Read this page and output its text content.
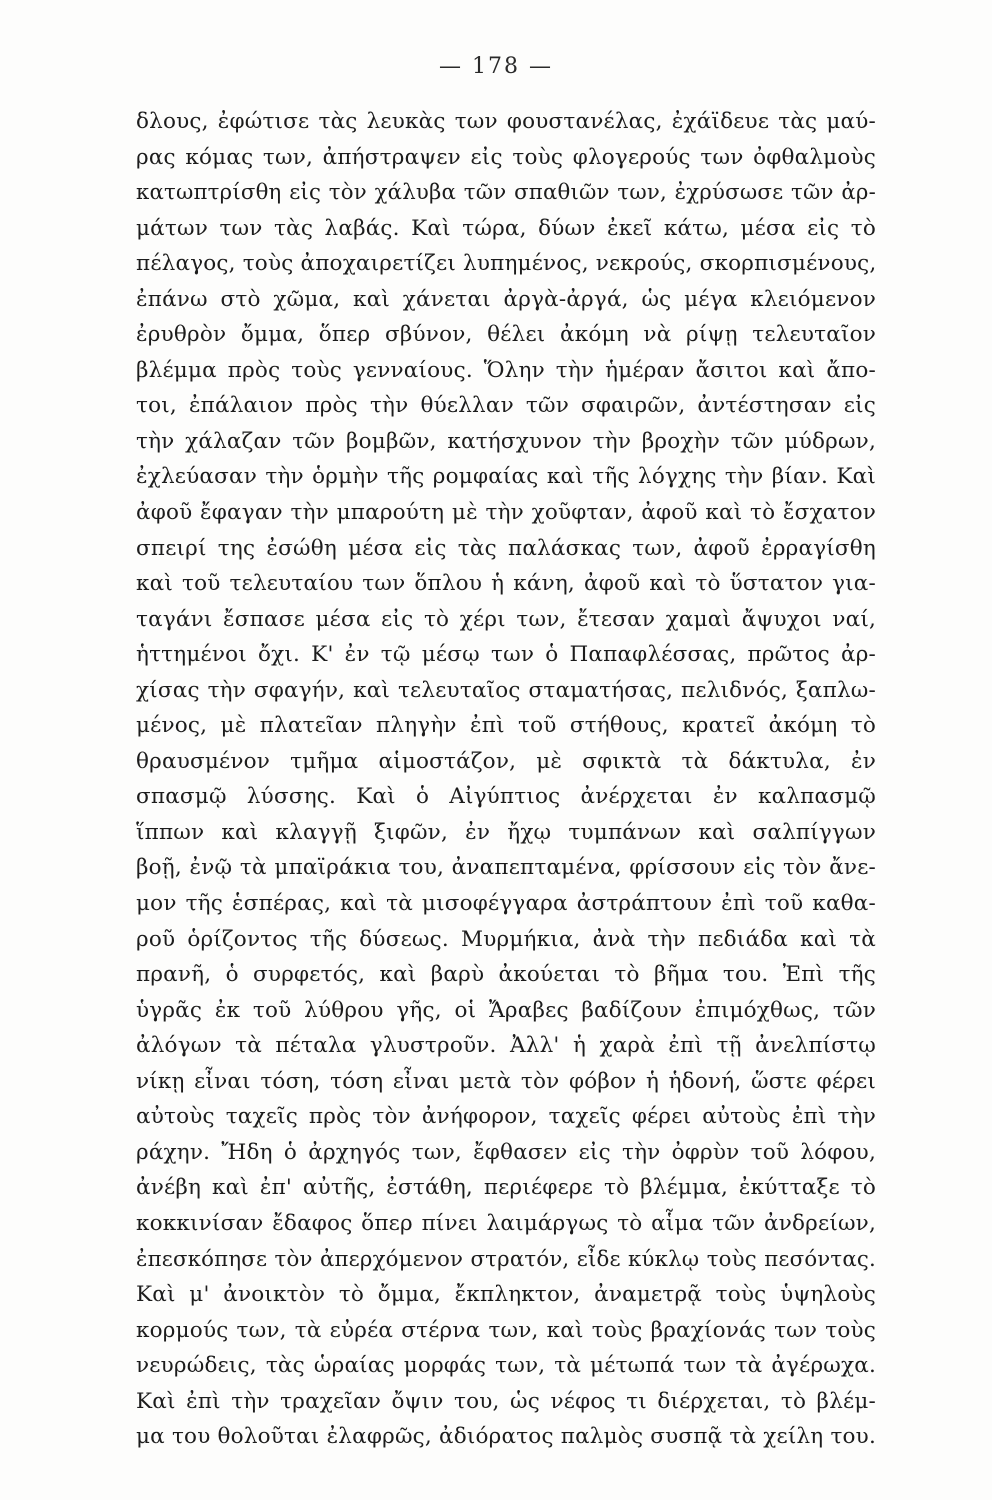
— 178 —
δλους, ἐφώτισε τὰς λευκὰς των φουστανέλας, ἐχάϊδευε τὰς μαύ-
ρας κόμας των, ἀπήστραψεν εἰς τοὺς φλογερούς των ὀφθαλμοὺς
κατωπτρίσθη εἰς τὸν χάλυβα τῶν σπαθιῶν των, ἐχρύσωσε τῶν ἀρ-
μάτων των τὰς λαβάς. Καὶ τώρα, δύων ἐκεῖ κάτω, μέσα εἰς τὸ
πέλαγος, τοὺς ἀποχαιρετίζει λυπημένος, νεκρούς, σκορπισμένους,
ἐπάνω στὸ χῶμα, καὶ χάνεται ἀργὰ-ἀργά, ὡς μέγα κλειόμενον
ἐρυθρὸν ὄμμα, ὅπερ σβύνον, θέλει ἀκόμη νὰ ρίψῃ τελευταῖον
βλέμμα πρὸς τοὺς γενναίους. Ὅλην τὴν ἡμέραν ἄσιτοι καὶ ἄπο-
τοι, ἐπάλαιον πρὸς τὴν θύελλαν τῶν σφαιρῶν, ἀντέστησαν εἰς
τὴν χάλαζαν τῶν βομβῶν, κατήσχυνον τὴν βροχὴν τῶν μύδρων,
ἐχλεύασαν τὴν ὁρμὴν τῆς ρομφαίας καὶ τῆς λόγχης τὴν βίαν. Καὶ
ἀφοῦ ἔφαγαν τὴν μπαρούτη μὲ τὴν χοῦφταν, ἀφοῦ καὶ τὸ ἔσχατον
σπειρί της ἐσώθη μέσα εἰς τὰς παλάσκας των, ἀφοῦ ἐρραγίσθη
καὶ τοῦ τελευταίου των ὅπλου ἡ κάνη, ἀφοῦ καὶ τὸ ὕστατον για-
ταγάνι ἔσπασε μέσα εἰς τὸ χέρι των, ἔτεσαν χαμαὶ ἄψυχοι ναί,
ἡττημένοι ὄχι. Κ' ἐν τῷ μέσῳ των ὁ Παπαφλέσσας, πρῶτος ἀρ-
χίσας τὴν σφαγήν, καὶ τελευταῖος σταματήσας, πελιδνός, ξαπλω-
μένος, μὲ πλατεῖαν πληγὴν ἐπὶ τοῦ στήθους, κρατεῖ ἀκόμη τὸ
θραυσμένον τμῆμα αἱμοστάζον, μὲ σφικτὰ τὰ δάκτυλα, ἐν
σπασμῷ λύσσης. Καὶ ὁ Αἰγύπτιος ἀνέρχεται ἐν καλπασμῷ
ἵππων καὶ κλαγγῇ ξιφῶν, ἐν ἤχῳ τυμπάνων καὶ σαλπίγγων
βοῇ, ἐνῷ τὰ μπαϊράκια του, ἀναπεπταμένα, φρίσσουν εἰς τὸν ἄνε-
μον τῆς ἑσπέρας, καὶ τὰ μισοφέγγαρα ἀστράπτουν ἐπὶ τοῦ καθα-
ροῦ ὁρίζοντος τῆς δύσεως. Μυρμήκια, ἀνὰ τὴν πεδιάδα καὶ τὰ
πρανῆ, ὁ συρφετός, καὶ βαρὺ ἀκούεται τὸ βῆμα του. Ἐπὶ τῆς
ὑγρᾶς ἐκ τοῦ λύθρου γῆς, οἱ Ἄραβες βαδίζουν ἐπιμόχθως, τῶν
ἀλόγων τὰ πέταλα γλυστροῦν. Ἀλλ' ἡ χαρὰ ἐπὶ τῇ ἀνελπίστῳ
νίκῃ εἶναι τόση, τόση εἶναι μετὰ τὸν φόβον ἡ ἡδονή, ὥστε φέρει
αὐτοὺς ταχεῖς πρὸς τὸν ἀνήφορον, ταχεῖς φέρει αὐτοὺς ἐπὶ τὴν
ράχην. Ἤδη ὁ ἀρχηγός των, ἔφθασεν εἰς τὴν ὀφρὺν τοῦ λόφου,
ἀνέβη καὶ ἐπ' αὐτῆς, ἐστάθη, περιέφερε τὸ βλέμμα, ἐκύτταξε τὸ
κοκκινίσαν ἔδαφος ὅπερ πίνει λαιμάργως τὸ αἷμα τῶν ἀνδρείων,
ἐπεσκόπησε τὸν ἀπερχόμενον στρατόν, εἶδε κύκλῳ τοὺς πεσόντας.
Καὶ μ' ἀνοικτὸν τὸ ὄμμα, ἔκπληκτον, ἀναμετρᾷ τοὺς ὑψηλοὺς
κορμούς των, τὰ εὐρέα στέρνα των, καὶ τοὺς βραχίονάς των τοὺς
νευρώδεις, τὰς ὡραίας μορφάς των, τὰ μέτωπά των τὰ ἀγέρωχα.
Καὶ ἐπὶ τὴν τραχεῖαν ὄψιν του, ὡς νέφος τι διέρχεται, τὸ βλέμ-
μα του θολοῦται ἐλαφρῶς, ἀδιόρατος παλμὸς συσπᾷ τὰ χείλη του.
